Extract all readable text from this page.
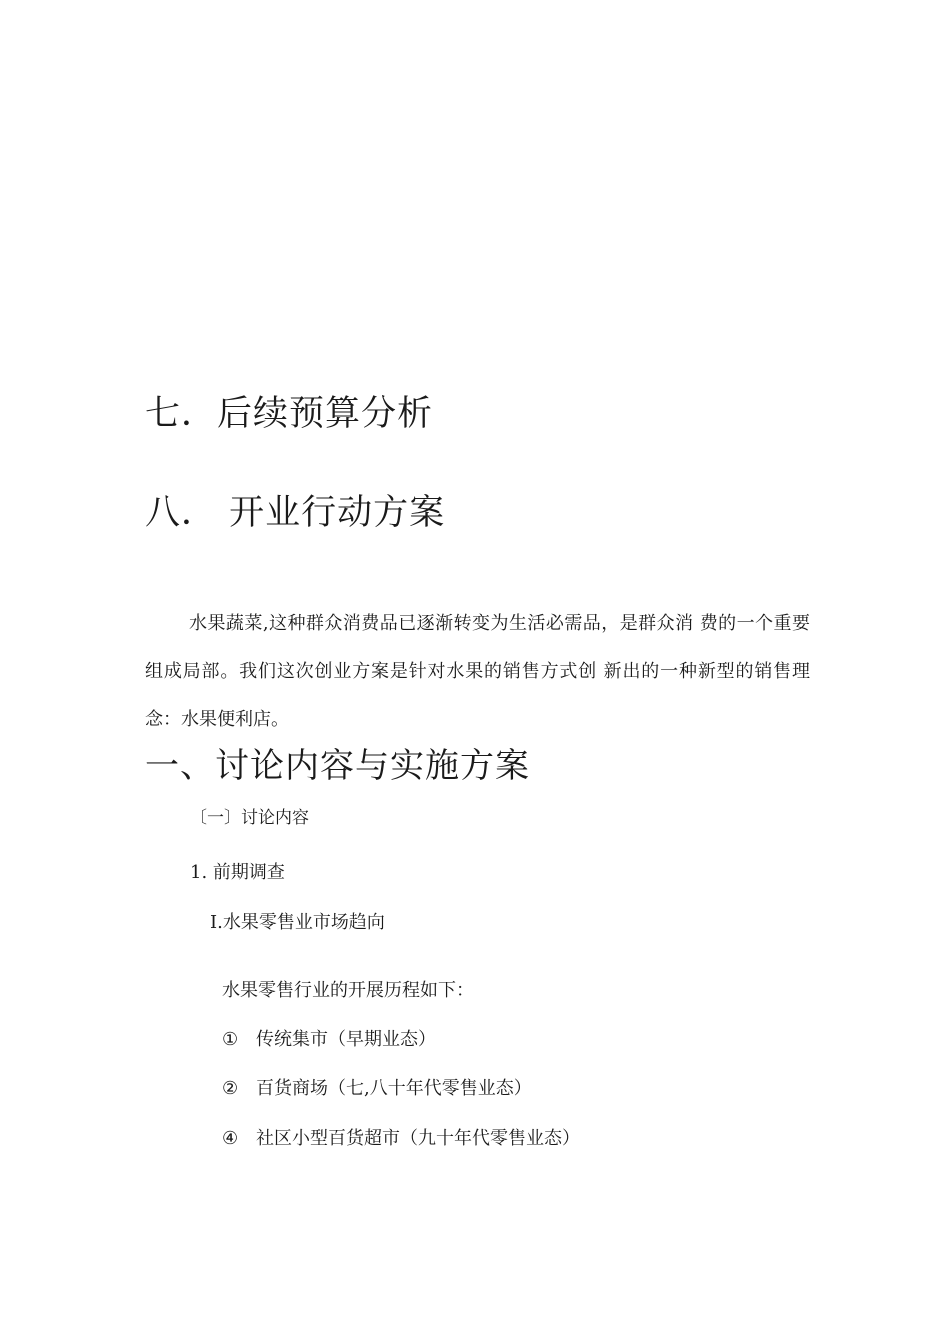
七．后续预算分析
八． 开业行动方案

水果蔬菜,这种群众消费品已逐渐转变为生活必需品，是群众消 费的一个重要组成局部。我们这次创业方案是针对水果的销售方式创 新出的一种新型的销售理念：水果便利店。

一、讨论内容与实施方案
〔一〕讨论内容
1. 前期调查
I.水果零售业市场趋向
水果零售行业的开展历程如下：
① 传统集市（早期业态）
② 百货商场（七,八十年代零售业态）
④ 社区小型百货超市（九十年代零售业态）
